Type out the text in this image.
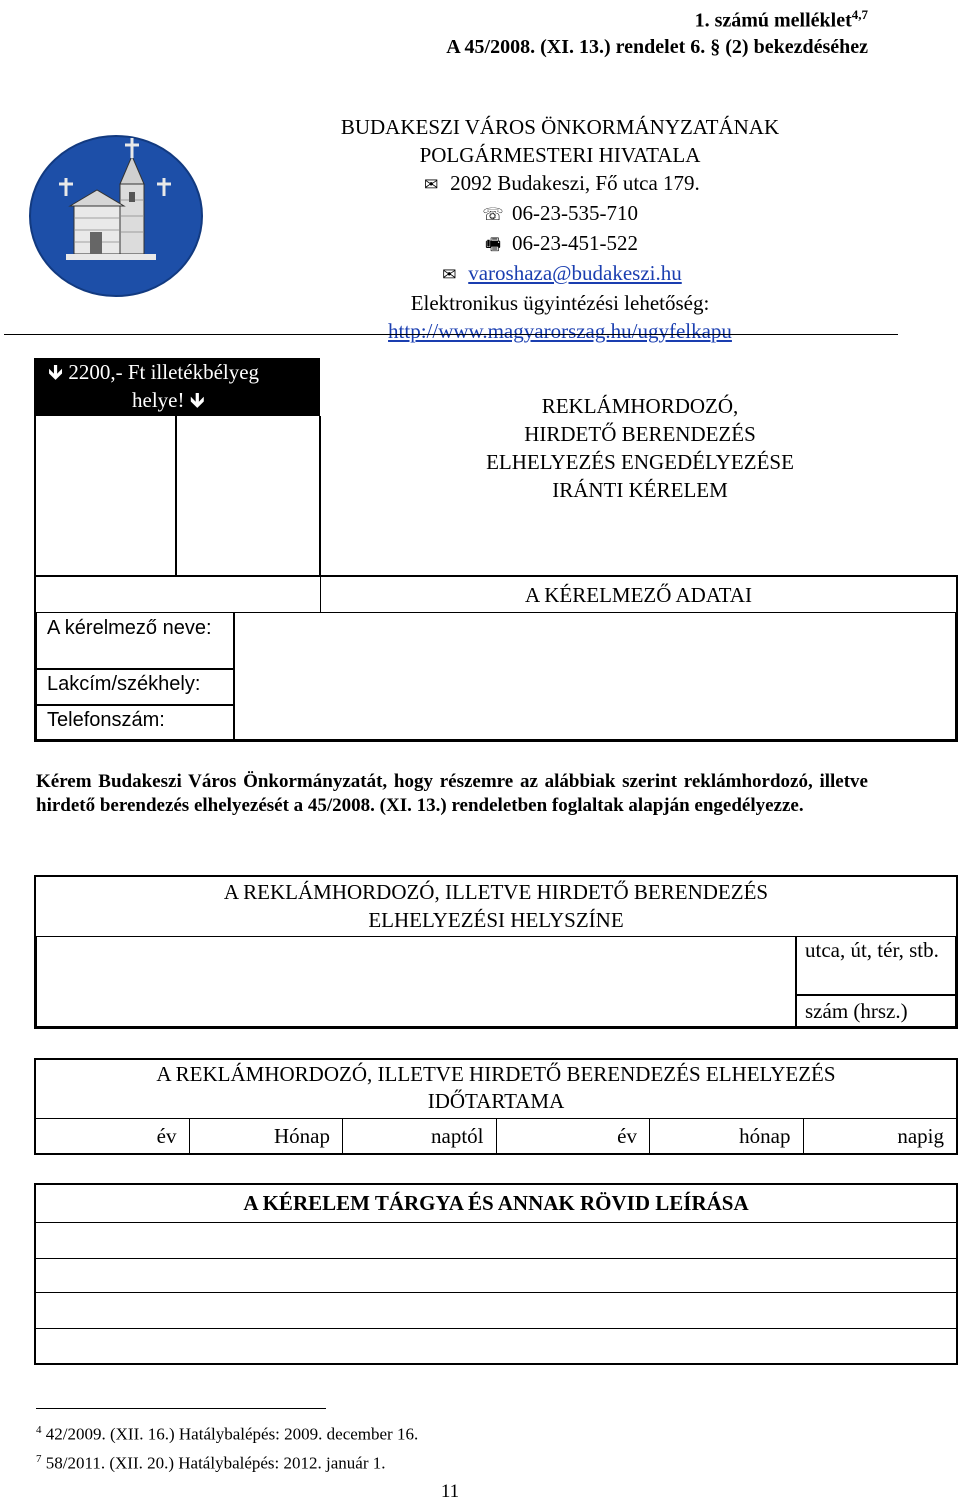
1. számú melléklet$^{4,7}$
A 45/2008. (XI. 13.) rendelet 6. § (2) bekezdéséhez
BUDAKESZI VÁROS ÖNKORMÁNYZATÁNAK
POLGÁRMESTERI HIVATALA
✉ 2092 Budakeszi, Fő utca 179.
☏ 06-23-535-710
🖷 06-23-451-522
✉ varoshaza@budakeszi.hu
Elektronikus ügyintézési lehetőség:
http://www.magyarorszag.hu/ugyfelkapu
🡻 2200,- Ft illetékbélyeg
helye! 🡻	REKLÁMHORDOZÓ,
HIRDETŐ BERENDEZÉS
ELHELYEZÉS ENGEDÉLYEZÉSE
IRÁNTI KÉRELEM
A kérelmező neve:
Lakcím/székhely:
Telefonszám:
A KÉRELMEZŐ ADATAI
Kérem Budakeszi Város Önkormányzatát, hogy részemre az alábbiak szerint reklámhordozó, illetve hirdető berendezés elhelyezését a 45/2008. (XI. 13.) rendeletben foglaltak alapján engedélyezze.
A REKLÁMHORDOZÓ, ILLETVE HIRDETŐ BERENDEZÉS
ELHELYEZÉSI HELYSZÍNE
utca, út, tér, stb.
szám (hrsz.)
A REKLÁMHORDOZÓ, ILLETVE HIRDETŐ BERENDEZÉS ELHELYEZÉS
IDŐTARTAMA
év	Hónap	naptól	év	hónap	napig
A KÉRELEM TÁRGYA ÉS ANNAK RÖVID LEÍRÁSA
$^4$ 42/2009. (XII. 16.) Hatálybalépés: 2009. december 16.
$^7$ 58/2011. (XII. 20.) Hatálybalépés: 2012. január 1.
11
